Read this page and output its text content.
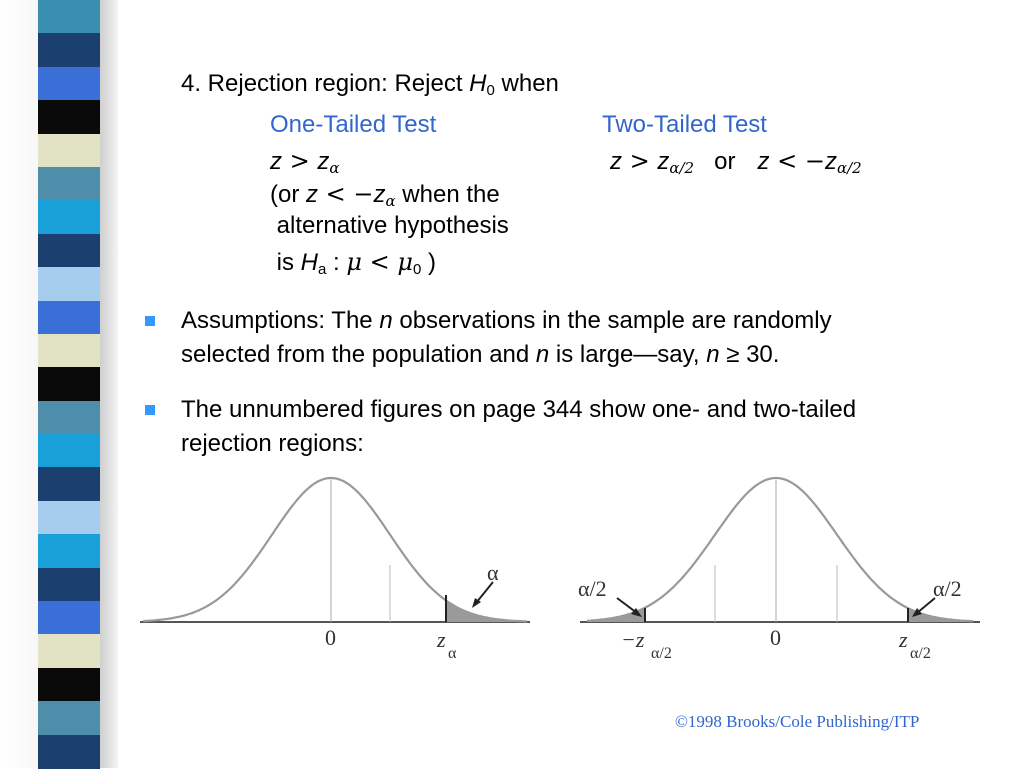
4. Rejection region: Reject $H_0$ when
One-Tailed Test	Two-Tailed Test
$z > z_\alpha$	$z > z_{\alpha/2}$ or $z < -z_{\alpha/2}$
(or $z < -z_\alpha$ when the
alternative hypothesis
is $H_a$ : $\mu < \mu_0$ )
Assumptions: The n observations in the sample are randomly
selected from the population and n is large—say, n ≥ 30.
The unnumbered figures on page 344 show one- and two-tailed
rejection regions:
α
0	z
α
α/2	α/2
0
−z
α/2
z
α/2
©1998 Brooks/Cole Publishing/ITP
